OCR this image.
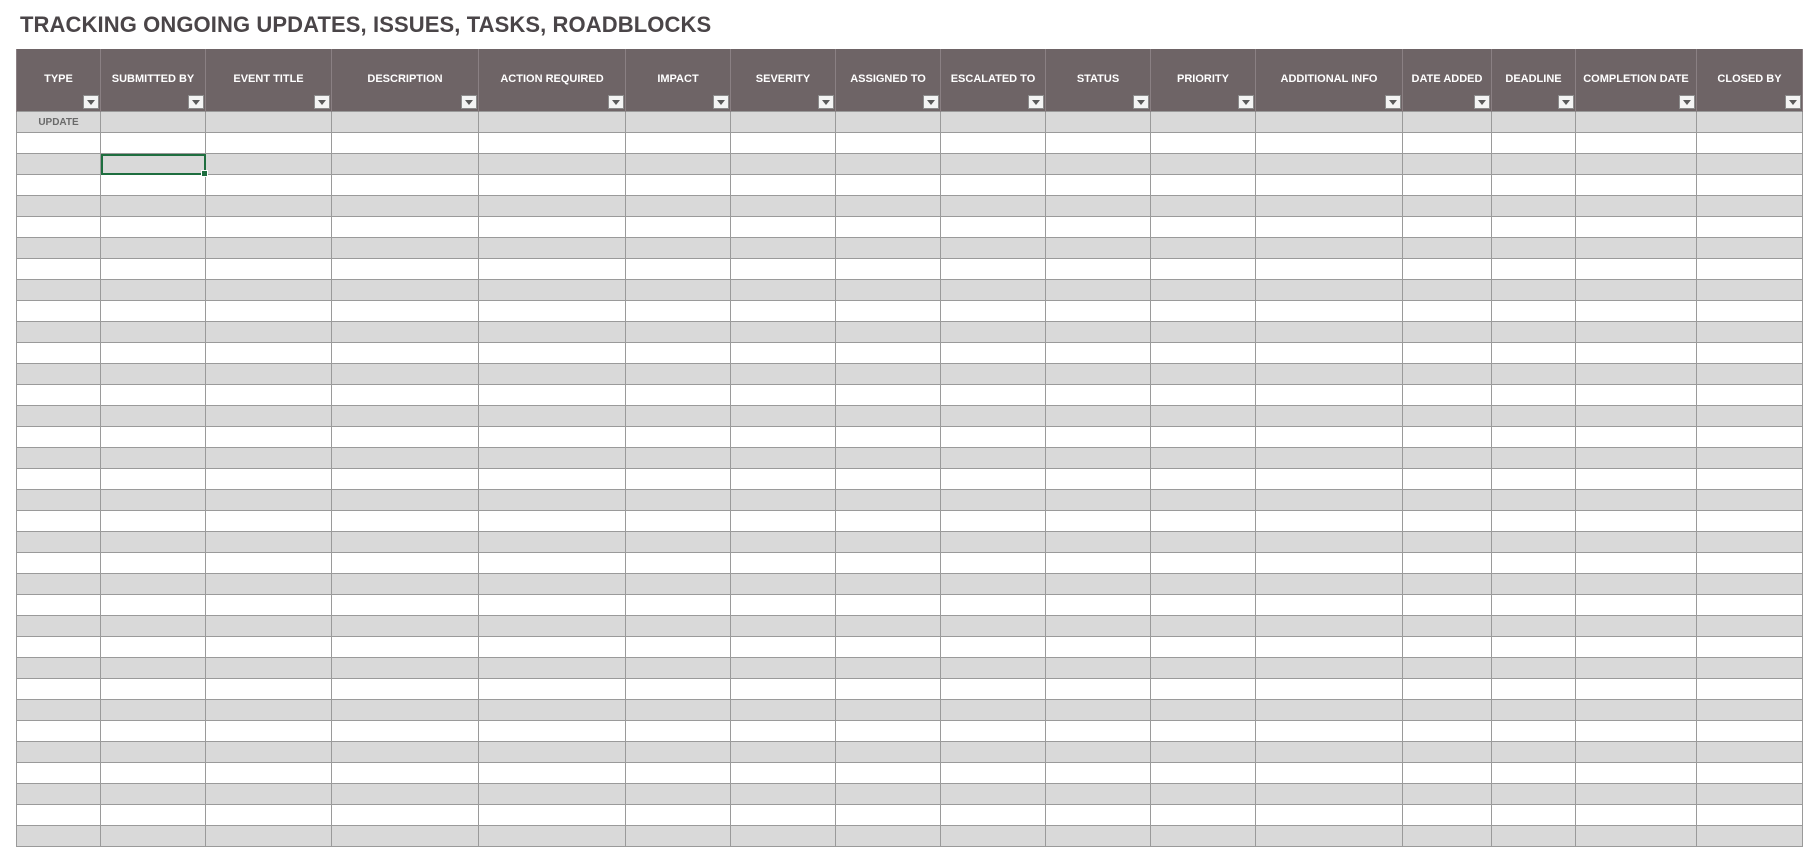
TRACKING ONGOING UPDATES, ISSUES, TASKS, ROADBLOCKS
TYPE	SUBMITTED BY	EVENT TITLE	DESCRIPTION	ACTION REQUIRED	IMPACT	SEVERITY	ASSIGNED TO	ESCALATED TO	STATUS	PRIORITY	ADDITIONAL INFO	DATE ADDED	DEADLINE	COMPLETION DATE	CLOSED BY

UPDATE															
